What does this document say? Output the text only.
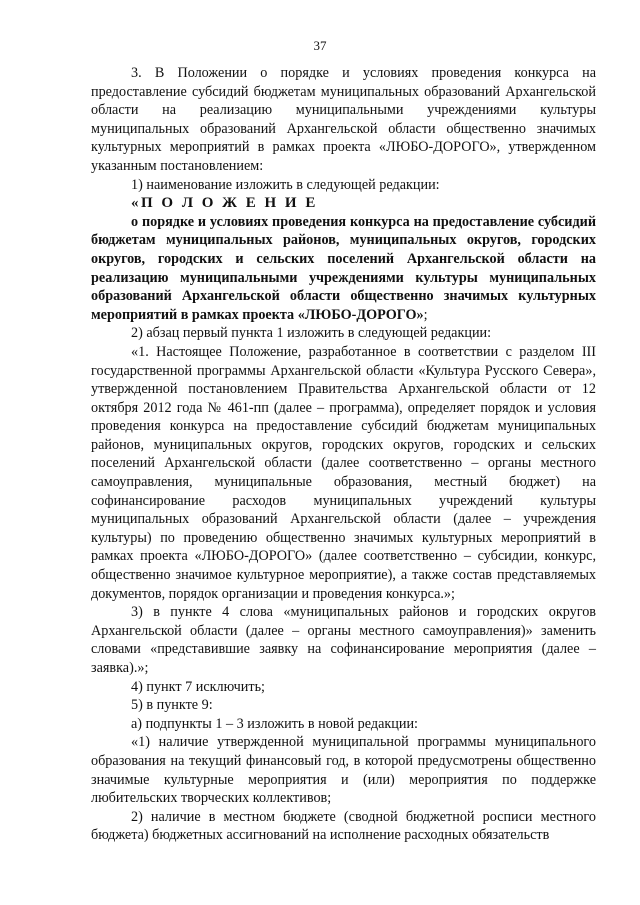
37

3. В Положении о порядке и условиях проведения конкурса на предоставление субсидий бюджетам муниципальных образований Архангельской области на реализацию муниципальными учреждениями культуры муниципальных образований Архангельской области общественно значимых культурных мероприятий в рамках проекта «ЛЮБО-ДОРОГО», утвержденном указанным постановлением:

1) наименование изложить в следующей редакции:

«П О Л О Ж Е Н И Е

о порядке и условиях проведения конкурса на предоставление субсидий бюджетам муниципальных районов, муниципальных округов, городских округов, городских и сельских поселений Архангельской области на реализацию муниципальными учреждениями культуры муниципальных образований Архангельской области общественно значимых культурных мероприятий в рамках проекта «ЛЮБО-ДОРОГО»;

2) абзац первый пункта 1 изложить в следующей редакции:

«1. Настоящее Положение, разработанное в соответствии с разделом III государственной программы Архангельской области «Культура Русского Севера», утвержденной постановлением Правительства Архангельской области от 12 октября 2012 года № 461-пп (далее – программа), определяет порядок и условия проведения конкурса на предоставление субсидий бюджетам муниципальных районов, муниципальных округов, городских округов, городских и сельских поселений Архангельской области (далее соответственно – органы местного самоуправления, муниципальные образования, местный бюджет) на софинансирование расходов муниципальных учреждений культуры муниципальных образований Архангельской области (далее – учреждения культуры) по проведению общественно значимых культурных мероприятий в рамках проекта «ЛЮБО-ДОРОГО» (далее соответственно – субсидии, конкурс, общественно значимое культурное мероприятие), а также состав представляемых документов, порядок организации и проведения конкурса.»;

3) в пункте 4 слова «муниципальных районов и городских округов Архангельской области (далее – органы местного самоуправления)» заменить словами «представившие заявку на софинансирование мероприятия (далее – заявка).»;

4) пункт 7 исключить;

5) в пункте 9:

а) подпункты 1 – 3 изложить в новой редакции:

«1) наличие утвержденной муниципальной программы муниципального образования на текущий финансовый год, в которой предусмотрены общественно значимые культурные мероприятия и (или) мероприятия по поддержке любительских творческих коллективов;

2) наличие в местном бюджете (сводной бюджетной росписи местного бюджета) бюджетных ассигнований на исполнение расходных обязательств
